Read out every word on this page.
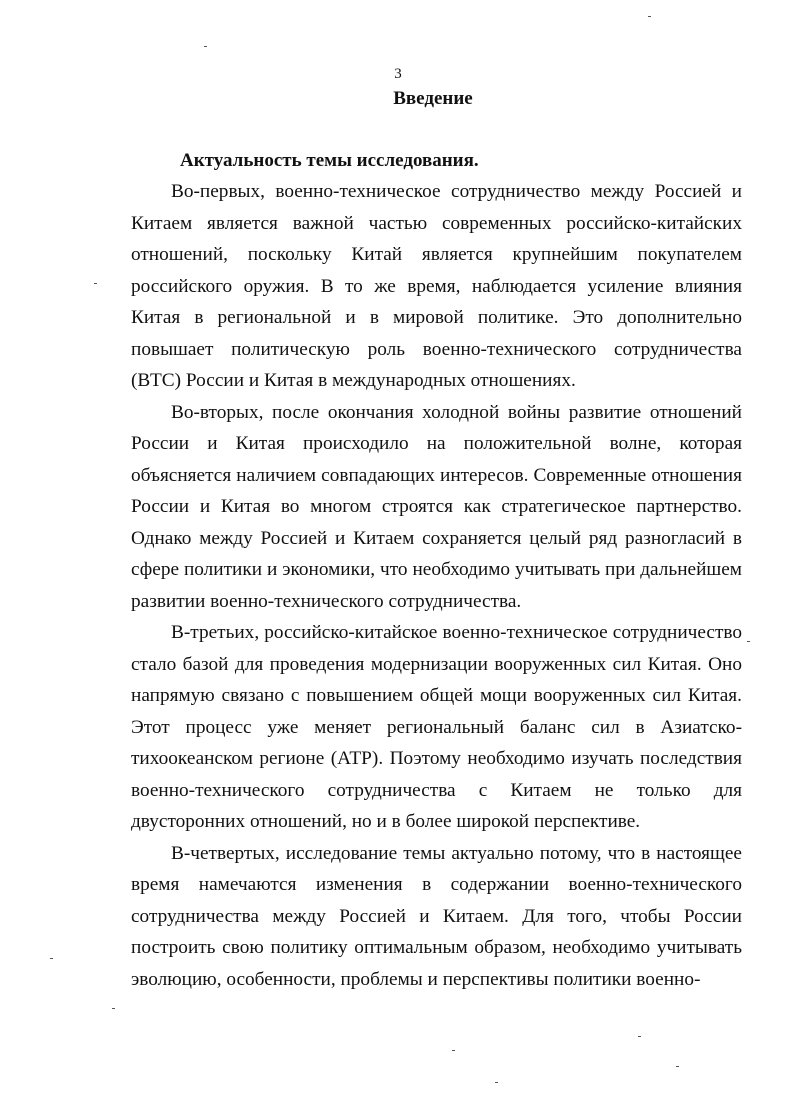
3
Введение
Актуальность темы исследования.

Во-первых, военно-техническое сотрудничество между Россией и Китаем является важной частью современных российско-китайских отношений, поскольку Китай является крупнейшим покупателем российского оружия. В то же время, наблюдается усиление влияния Китая в региональной и в мировой политике. Это дополнительно повышает политическую роль военно-технического сотрудничества (ВТС) России и Китая в международных отношениях.

Во-вторых, после окончания холодной войны развитие отношений России и Китая происходило на положительной волне, которая объясняется наличием совпадающих интересов. Современные отношения России и Китая во многом строятся как стратегическое партнерство. Однако между Россией и Китаем сохраняется целый ряд разногласий в сфере политики и экономики, что необходимо учитывать при дальнейшем развитии военно-технического сотрудничества.

В-третьих, российско-китайское военно-техническое сотрудничество стало базой для проведения модернизации вооруженных сил Китая. Оно напрямую связано с повышением общей мощи вооруженных сил Китая. Этот процесс уже меняет региональный баланс сил в Азиатско-тихоокеанском регионе (АТР). Поэтому необходимо изучать последствия военно-технического сотрудничества с Китаем не только для двусторонних отношений, но и в более широкой перспективе.

В-четвертых, исследование темы актуально потому, что в настоящее время намечаются изменения в содержании военно-технического сотрудничества между Россией и Китаем. Для того, чтобы России построить свою политику оптимальным образом, необходимо учитывать эволюцию, особенности, проблемы и перспективы политики военно-
